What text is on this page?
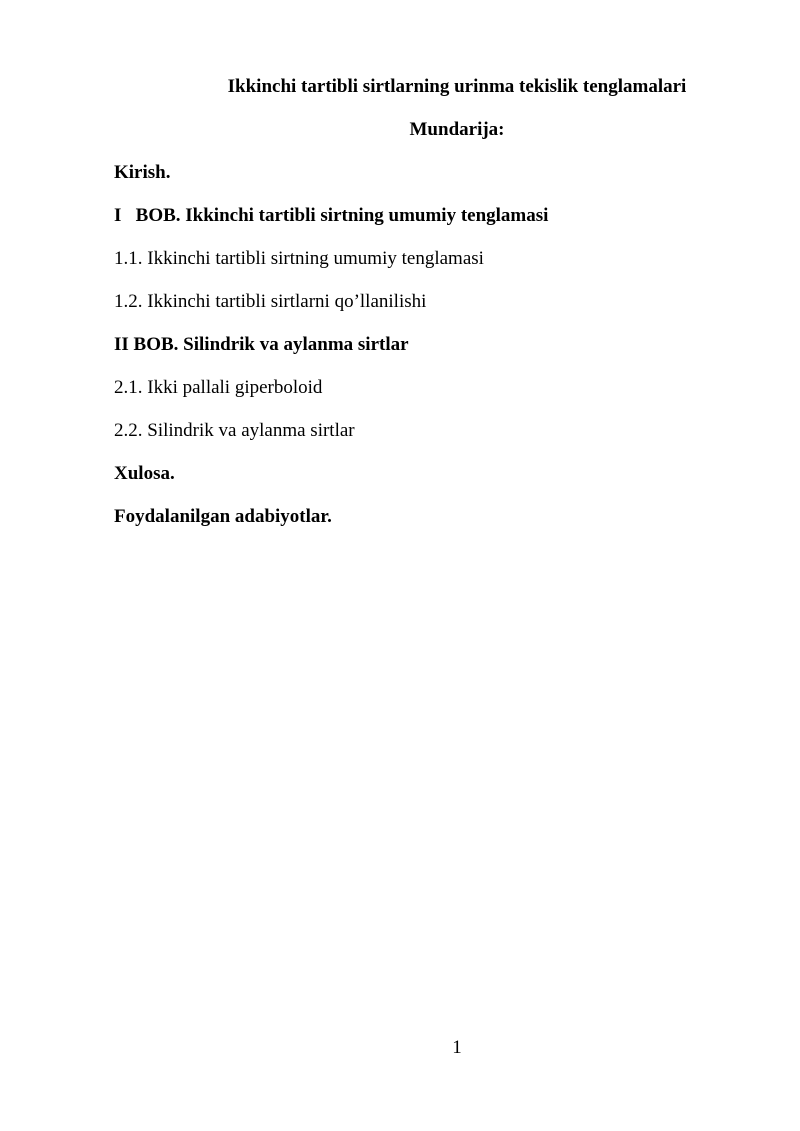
Ikkinchi tartibli sirtlarning urinma tekislik tenglamalari
Mundarija:
Kirish.
I   BOB. Ikkinchi tartibli sirtning umumiy tenglamasi
1.1. Ikkinchi tartibli sirtning umumiy tenglamasi
1.2. Ikkinchi tartibli sirtlarni qo’llanilishi
II BOB. Silindrik va aylanma sirtlar
2.1. Ikki pallali giperboloid
2.2. Silindrik va aylanma sirtlar
Xulosa.
Foydalanilgan adabiyotlar.
1
